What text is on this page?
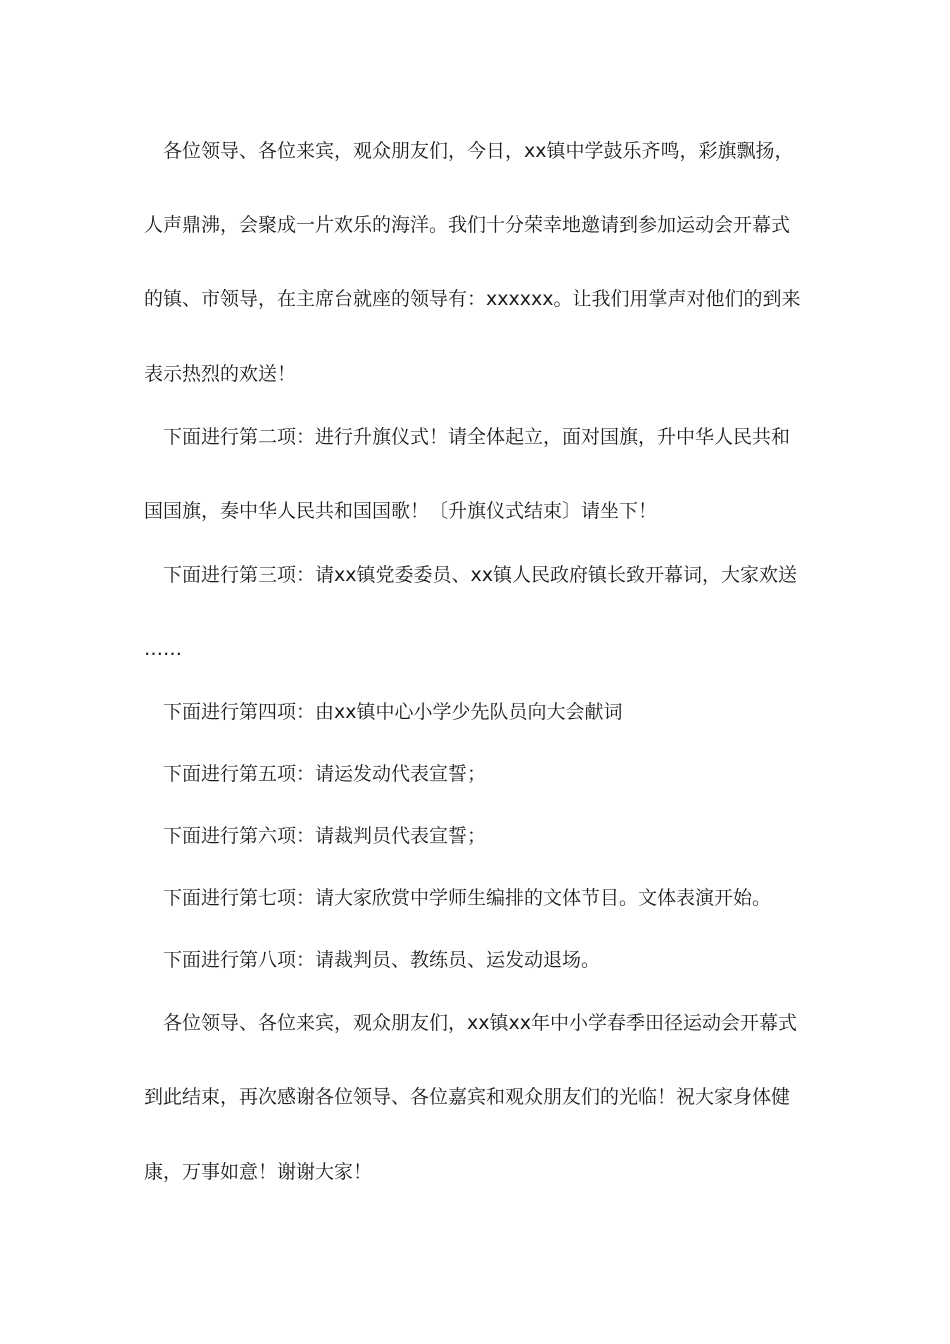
各位领导、各位来宾，观众朋友们，今日，xx镇中学鼓乐齐鸣，彩旗飘扬，
人声鼎沸，会聚成一片欢乐的海洋。我们十分荣幸地邀请到参加运动会开幕式
的镇、市领导，在主席台就座的领导有：xxxxxx。让我们用掌声对他们的到来
表示热烈的欢送！
下面进行第二项：进行升旗仪式！请全体起立，面对国旗，升中华人民共和
国国旗，奏中华人民共和国国歌！〔升旗仪式结束〕请坐下！
下面进行第三项：请xx镇党委委员、xx镇人民政府镇长致开幕词，大家欢送
……
下面进行第四项：由xx镇中心小学少先队员向大会献词
下面进行第五项：请运发动代表宣誓；
下面进行第六项：请裁判员代表宣誓；
下面进行第七项：请大家欣赏中学师生编排的文体节目。文体表演开始。
下面进行第八项：请裁判员、教练员、运发动退场。
各位领导、各位来宾，观众朋友们，xx镇xx年中小学春季田径运动会开幕式
到此结束，再次感谢各位领导、各位嘉宾和观众朋友们的光临！祝大家身体健
康，万事如意！谢谢大家！
